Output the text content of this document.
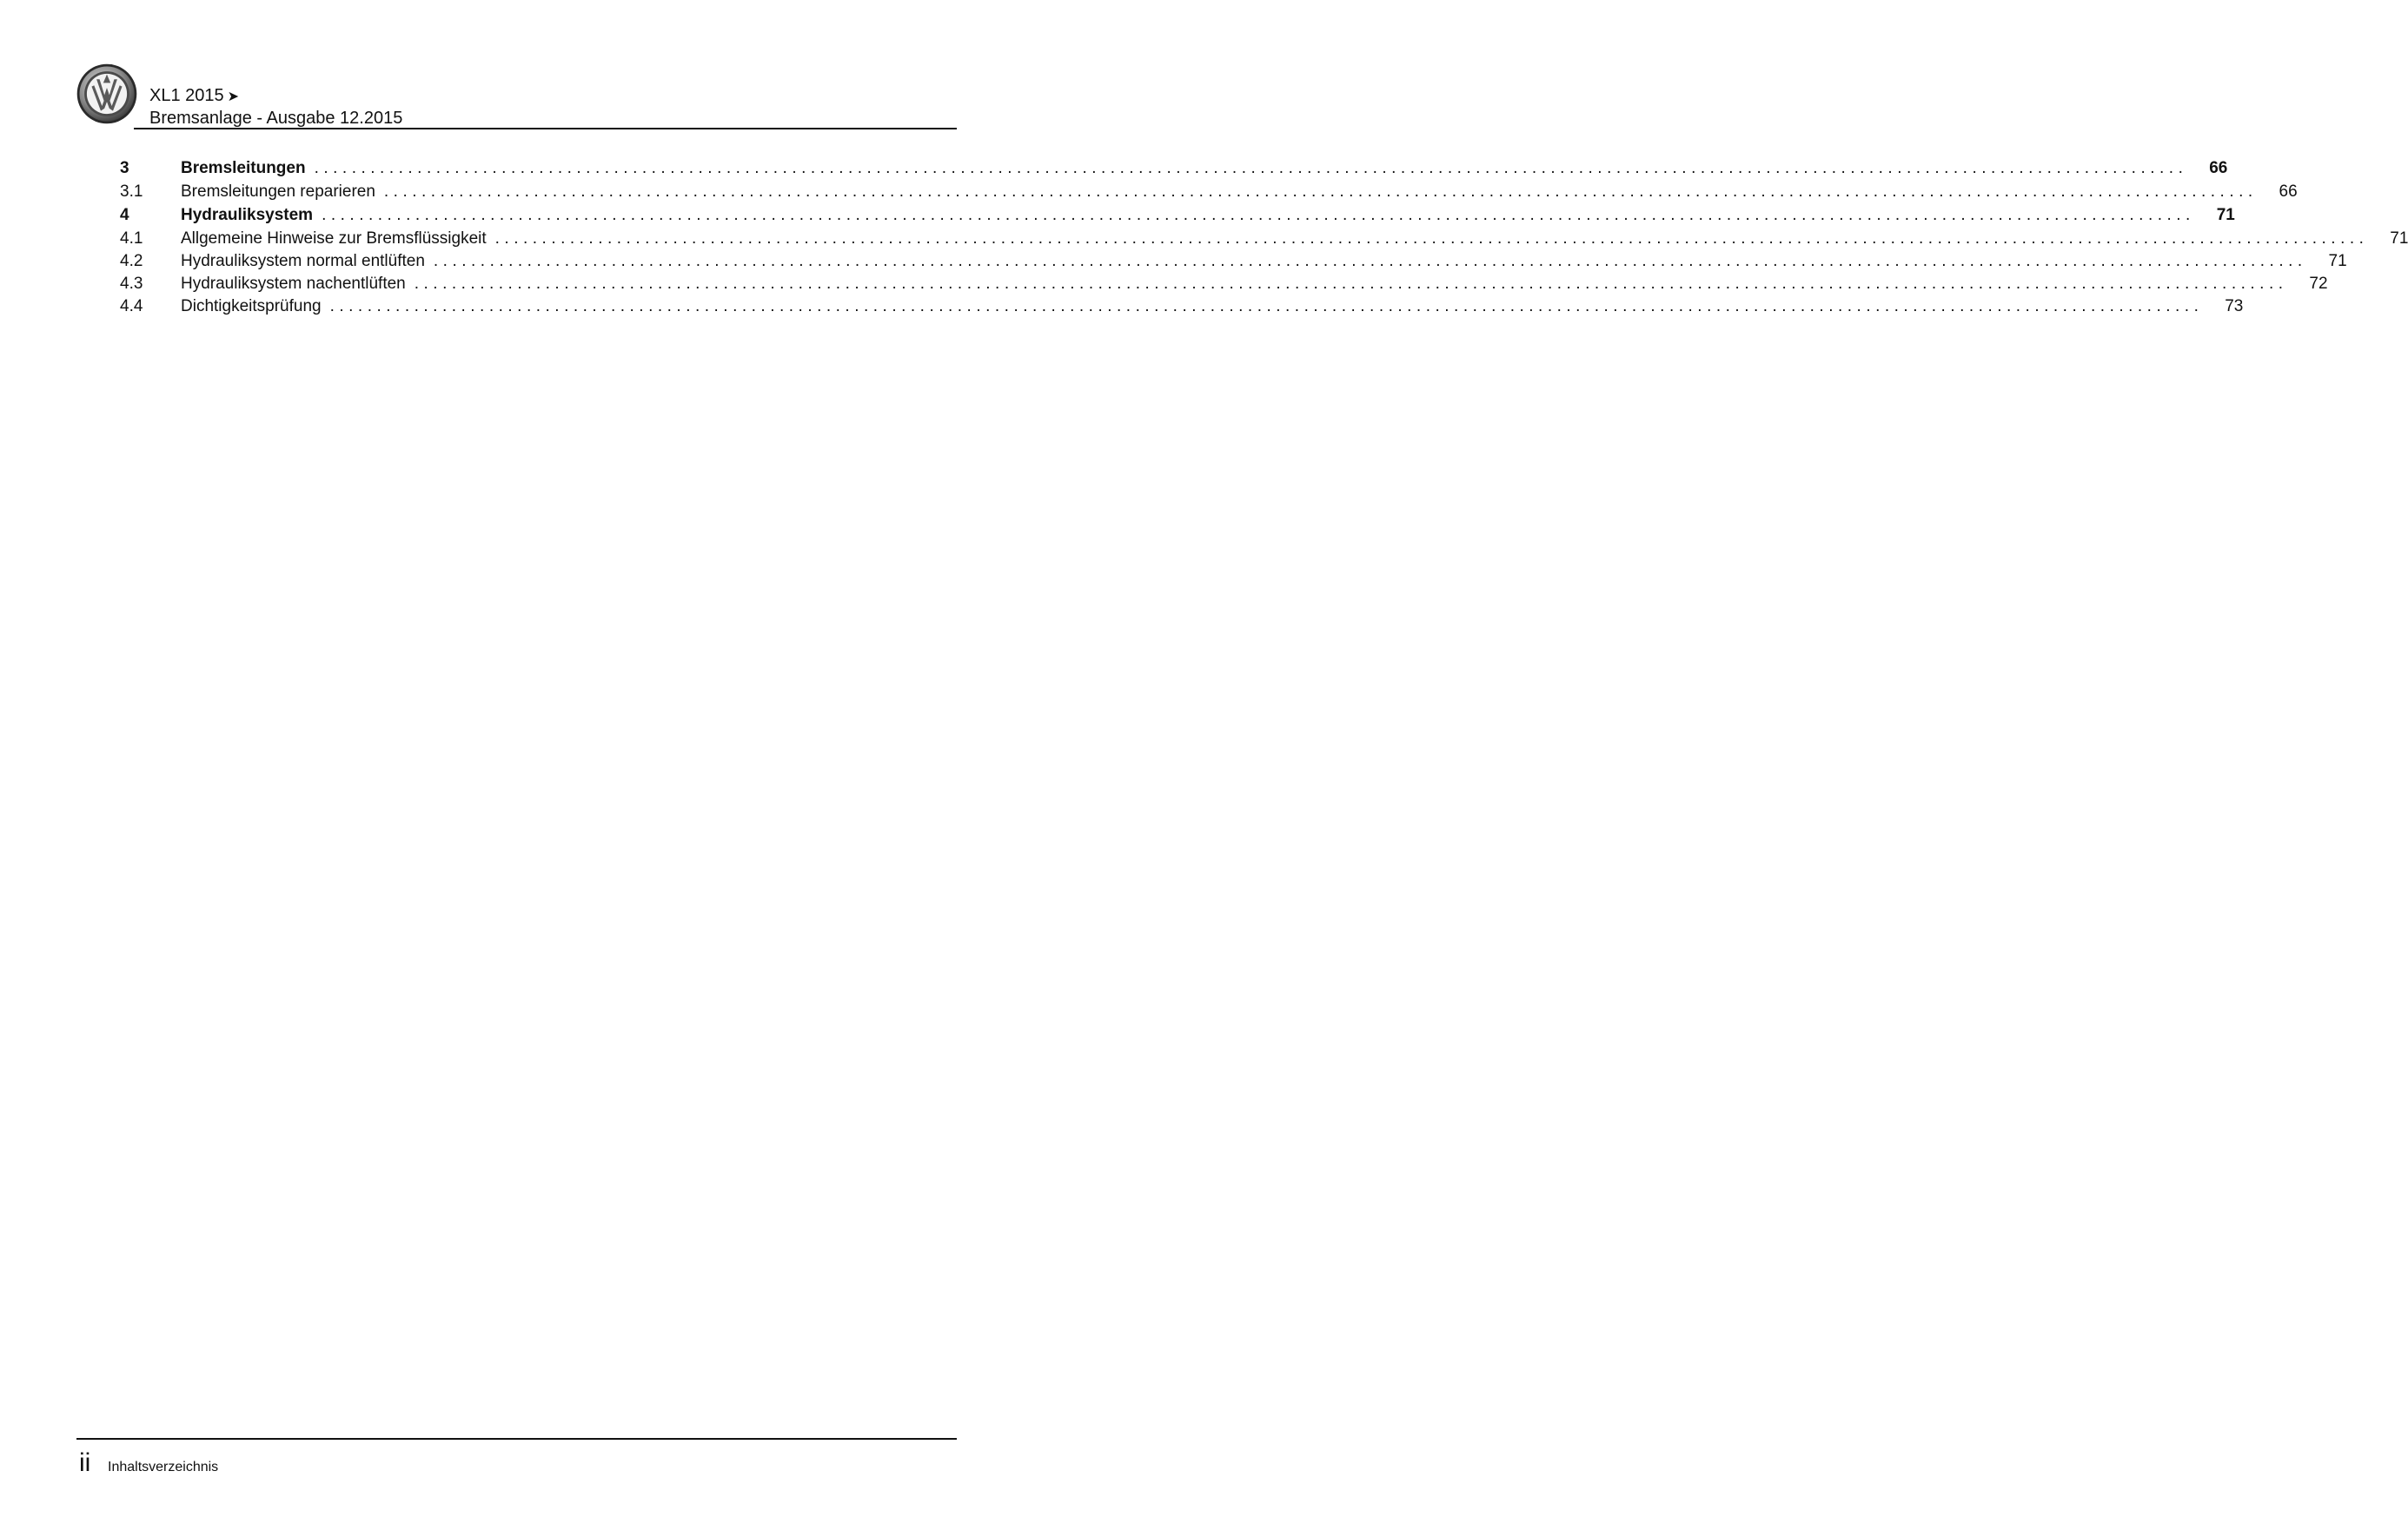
XL1 2015 ➤
Bremsanlage - Ausgabe 12.2015
3	Bremsleitungen ........................................................................................................................................................................................................	66
3.1	Bremsleitungen reparieren ........................................................................................................................................................................................................	66
4	Hydrauliksystem ........................................................................................................................................................................................................	71
4.1	Allgemeine Hinweise zur Bremsflüssigkeit ........................................................................................................................................................................................................	71
4.2	Hydrauliksystem normal entlüften ........................................................................................................................................................................................................	71
4.3	Hydrauliksystem nachentlüften ........................................................................................................................................................................................................	72
4.4	Dichtigkeitsprüfung ........................................................................................................................................................................................................	73
ii Inhaltsverzeichnis
